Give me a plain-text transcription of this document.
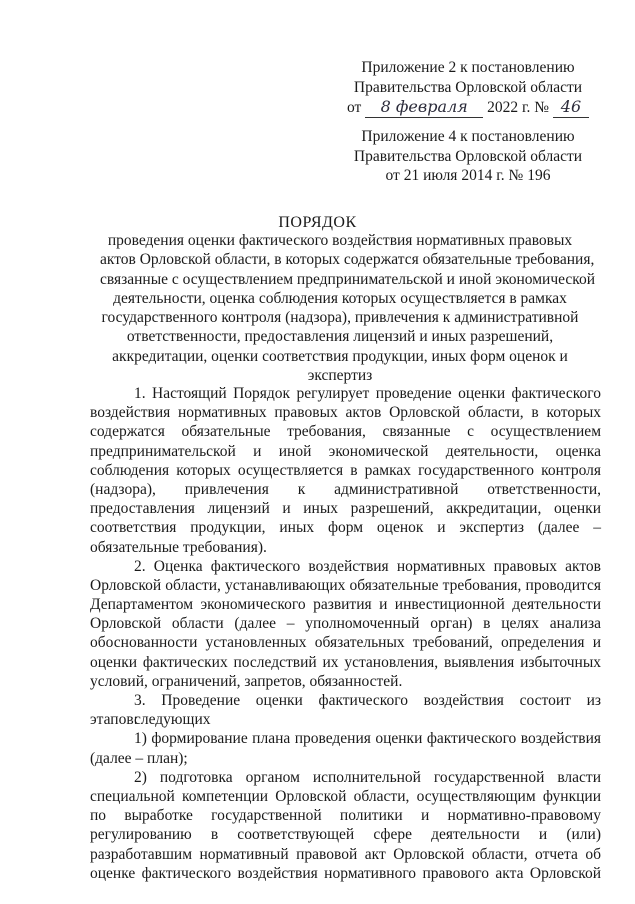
Приложение 2 к постановлению
Правительства Орловской области
от 8 февраля 2022 г. № 46
Приложение 4 к постановлению
Правительства Орловской области
от 21 июля 2014 г. № 196
ПОРЯДОК
проведения оценки фактического воздействия нормативных правовых
актов Орловской области, в которых содержатся обязательные требования,
связанные с осуществлением предпринимательской и иной экономической
деятельности, оценка соблюдения которых осуществляется в рамках
государственного контроля (надзора), привлечения к административной
ответственности, предоставления лицензий и иных разрешений,
аккредитации, оценки соответствия продукции, иных форм оценок и
экспертиз
1. Настоящий Порядок регулирует проведение оценки фактического
воздействия нормативных правовых актов Орловской области, в которых
содержатся обязательные требования, связанные с осуществлением
предпринимательской и иной экономической деятельности, оценка
соблюдения которых осуществляется в рамках государственного контроля
(надзора), привлечения к административной ответственности,
предоставления лицензий и иных разрешений, аккредитации, оценки
соответствия продукции, иных форм оценок и экспертиз (далее –
обязательные требования).
2. Оценка фактического воздействия нормативных правовых актов
Орловской области, устанавливающих обязательные требования, проводится
Департаментом экономического развития и инвестиционной деятельности
Орловской области (далее – уполномоченный орган) в целях анализа
обоснованности установленных обязательных требований, определения и
оценки фактических последствий их установления, выявления избыточных
условий, ограничений, запретов, обязанностей.
3. Проведение оценки фактического воздействия состоит из следующих
этапов:
1) формирование плана проведения оценки фактического воздействия
(далее – план);
2) подготовка органом исполнительной государственной власти
специальной компетенции Орловской области, осуществляющим функции
по выработке государственной политики и нормативно-правовому
регулированию в соответствующей сфере деятельности и (или)
разработавшим нормативный правовой акт Орловской области, отчета об
оценке фактического воздействия нормативного правового акта Орловской
